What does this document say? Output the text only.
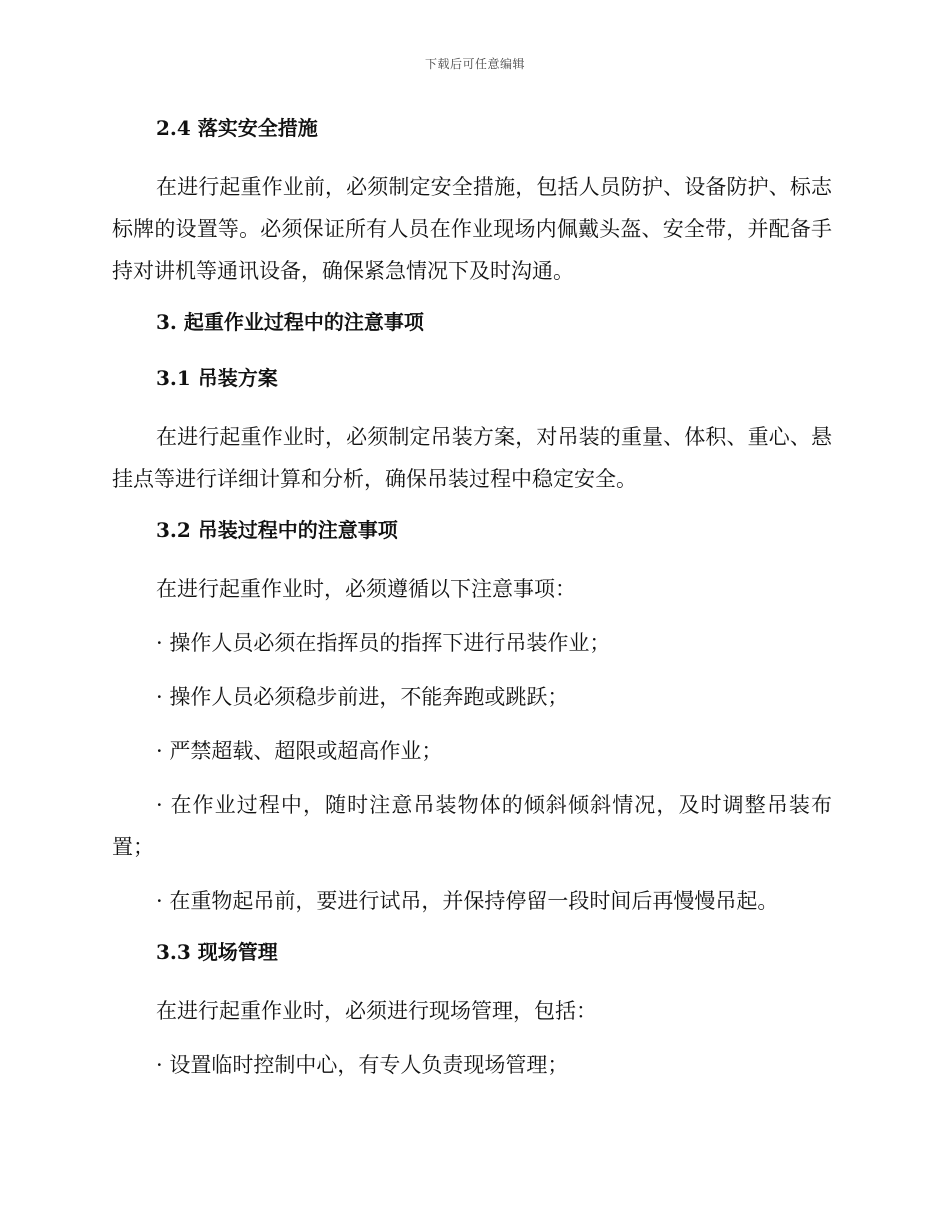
下载后可任意编辑

2.4 落实安全措施

在进行起重作业前，必须制定安全措施，包括人员防护、设备防护、标志标牌的设置等。必须保证所有人员在作业现场内佩戴头盔、安全带，并配备手持对讲机等通讯设备，确保紧急情况下及时沟通。

3. 起重作业过程中的注意事项

3.1 吊装方案

在进行起重作业时，必须制定吊装方案，对吊装的重量、体积、重心、悬挂点等进行详细计算和分析，确保吊装过程中稳定安全。

3.2 吊装过程中的注意事项

在进行起重作业时，必须遵循以下注意事项：

· 操作人员必须在指挥员的指挥下进行吊装作业；

· 操作人员必须稳步前进，不能奔跑或跳跃；

· 严禁超载、超限或超高作业；

· 在作业过程中，随时注意吊装物体的倾斜倾斜情况，及时调整吊装布置；

· 在重物起吊前，要进行试吊，并保持停留一段时间后再慢慢吊起。

3.3 现场管理

在进行起重作业时，必须进行现场管理，包括：

· 设置临时控制中心，有专人负责现场管理；
